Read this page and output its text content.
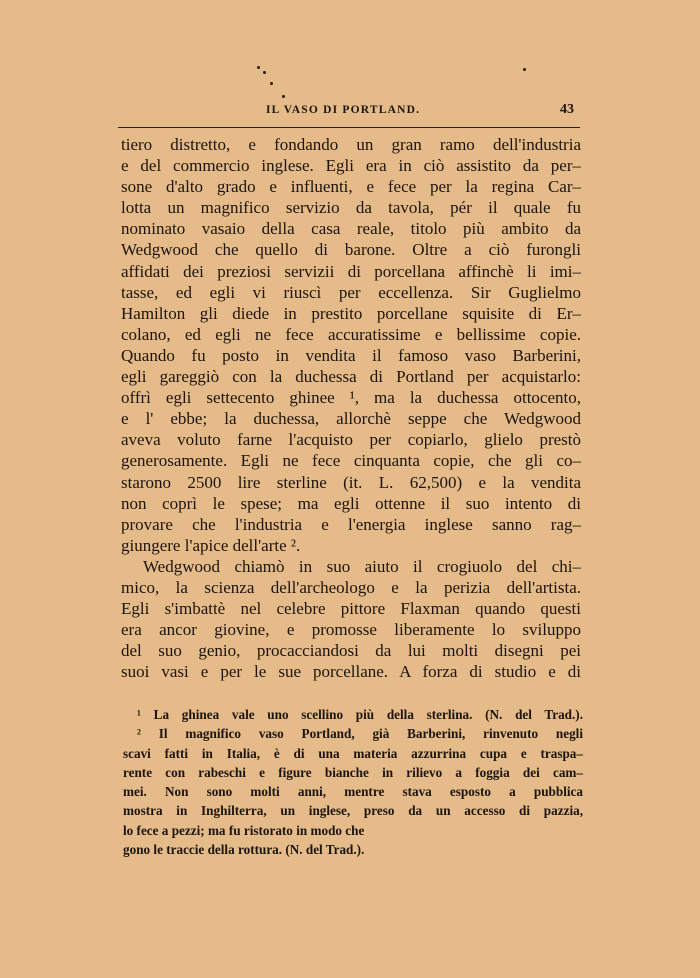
IL VASO DI PORTLAND.	43
tiero distretto, e fondando un gran ramo dell'industria
e del commercio inglese. Egli era in ciò assistito da per–
sone d'alto grado e influenti, e fece per la regina Car–
lotta un magnifico servizio da tavola, pér il quale fu
nominato vasaio della casa reale, titolo più ambito da
Wedgwood che quello di barone. Oltre a ciò furongli
affidati dei preziosi servizii di porcellana affinchè li imi–
tasse, ed egli vi riuscì per eccellenza. Sir Guglielmo
Hamilton gli diede in prestito porcellane squisite di Er–
colano, ed egli ne fece accuratissime e bellissime copie.
Quando fu posto in vendita il famoso vaso Barberini,
egli gareggiò con la duchessa di Portland per acquistarlo:
offrì egli settecento ghinee ¹, ma la duchessa ottocento,
e l' ebbe; la duchessa, allorchè seppe che Wedgwood
aveva voluto farne l'acquisto per copiarlo, glielo prestò
generosamente. Egli ne fece cinquanta copie, che gli co–
starono 2500 lire sterline (it. L. 62,500) e la vendita
non coprì le spese; ma egli ottenne il suo intento di
provare che l'industria e l'energia inglese sanno rag–
giungere l'apice dell'arte ².
Wedgwood chiamò in suo aiuto il crogiuolo del chi–
mico, la scienza dell'archeologo e la perizia dell'artista.
Egli s'imbattè nel celebre pittore Flaxman quando questi
era ancor giovine, e promosse liberamente lo sviluppo
del suo genio, procacciandosi da lui molti disegni pei
suoi vasi e per le sue porcellane. A forza di studio e di
¹ La ghinea vale uno scellino più della sterlina. (N. del Trad.).
² Il magnifico vaso Portland, già Barberini, rinvenuto negli
scavi fatti in Italia, è di una materia azzurrina cupa e traspa–
rente con rabeschi e figure bianche in rilievo a foggia dei cam–
mei. Non sono molti anni, mentre stava esposto a pubblica
mostra in Inghilterra, un inglese, preso da un accesso di pazzia,
lo fece a pezzi; ma fu ristorato in modo che
gono le traccie della rottura. (N. del Trad.).
